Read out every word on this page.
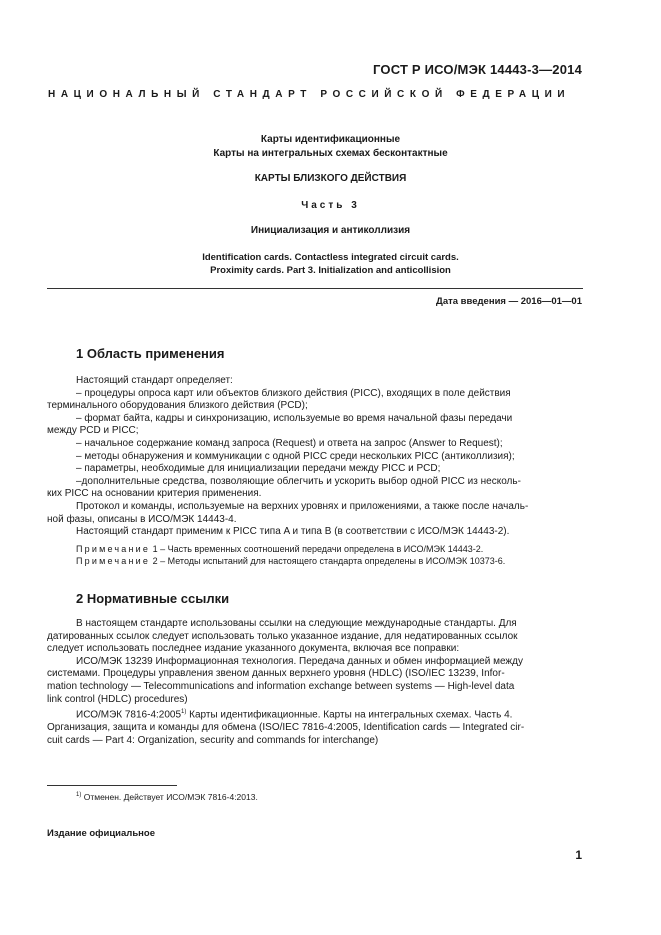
ГОСТ Р ИСО/МЭК 14443-3—2014
НАЦИОНАЛЬНЫЙ СТАНДАРТ РОССИЙСКОЙ ФЕДЕРАЦИИ
Карты идентификационные
Карты на интегральных схемах бесконтактные
КАРТЫ БЛИЗКОГО ДЕЙСТВИЯ
Часть 3
Инициализация и антиколлизия
Identification cards. Contactless integrated circuit cards.
Proximity cards. Part 3. Initialization and anticollision
Дата введения — 2016—01—01
1 Область применения

Настоящий стандарт определяет:

– процедуры опроса карт или объектов близкого действия (PICC), входящих в поле действия

терминального оборудования близкого действия (PCD);

– формат байта, кадры и синхронизацию, используемые во время начальной фазы передачи

между PCD и PICC;

– начальное содержание команд запроса (Request) и ответа на запрос (Answer to Request);

– методы обнаружения и коммуникации с одной PICC среди нескольких PICC (антиколлизия);

– параметры, необходимые для инициализации передачи между PICC и PCD;

–дополнительные средства, позволяющие облегчить и ускорить выбор одной PICC из несколь-

ких PICC на основании критерия применения.

Протокол и команды, используемые на верхних уровнях и приложениями, а также после началь-

ной фазы, описаны в ИСО/МЭК 14443-4.

Настоящий стандарт применим к PICC типа A и типа B (в соответствии с ИСО/МЭК 14443-2).

Примечание 1 – Часть временных соотношений передачи определена в ИСО/МЭК 14443-2.

Примечание 2 – Методы испытаний для настоящего стандарта определены в ИСО/МЭК 10373-6.

2 Нормативные ссылки

В настоящем стандарте использованы ссылки на следующие международные стандарты. Для

датированных ссылок следует использовать только указанное издание, для недатированных ссылок

следует использовать последнее издание указанного документа, включая все поправки:

ИСО/МЭК 13239 Информационная технология. Передача данных и обмен информацией между

системами. Процедуры управления звеном данных верхнего уровня (HDLC) (ISO/IEC 13239, Infor-

mation technology — Telecommunications and information exchange between systems — High-level data

link control (HDLC) procedures)

ИСО/МЭК 7816-4:2005$^{1)}$ Карты идентификационные. Карты на интегральных схемах. Часть 4.

Организация, защита и команды для обмена (ISO/IEC 7816-4:2005, Identification cards — Integrated cir-

cuit cards — Part 4: Organization, security and commands for interchange)

$^{1)}$ Отменен. Действует ИСО/МЭК 7816-4:2013.
Издание официальное
1
